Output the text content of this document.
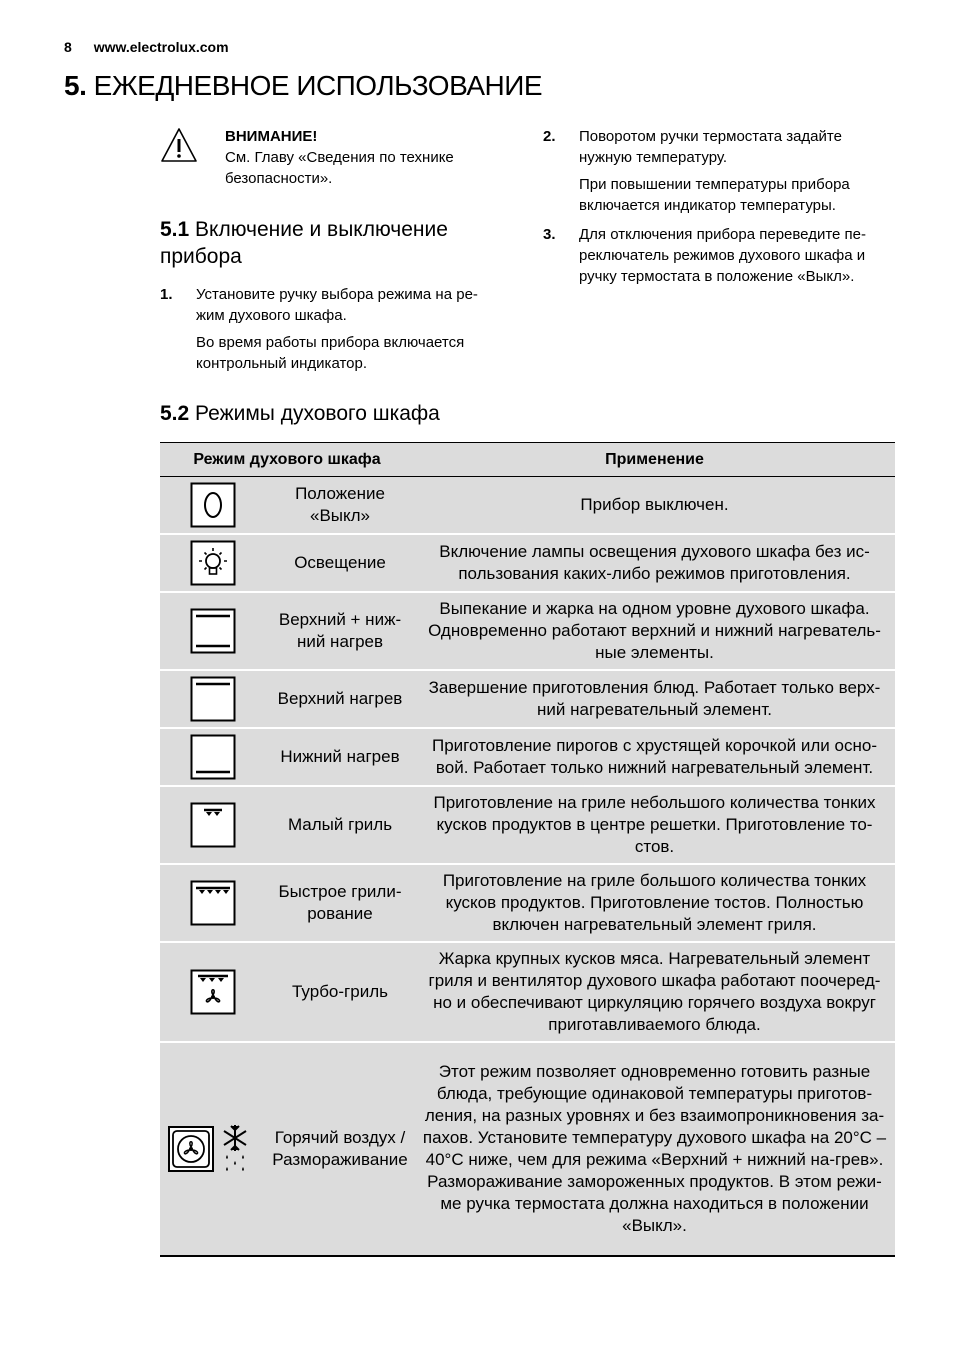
8 www.electrolux.com
5. ЕЖЕДНЕВНОЕ ИСПОЛЬЗОВАНИЕ
ВНИМАНИЕ!
См. Главу «Сведения по технике безопасности».
5.1 Включение и выключение прибора
1. Установите ручку выбора режима на ре-жим духового шкафа.

Во время работы прибора включается контрольный индикатор.

2. Поворотом ручки термостата задайте нужную температуру.

При повышении температуры прибора включается индикатор температуры.

3. Для отключения прибора переведите пе-реключатель режимов духового шкафа и ручку термостата в положение «Выкл».

5.2 Режимы духового шкафа
Режим духового шкафа		Применение

	Положение «Выкл»	Прибор выключен.

	Освещение	Включение лампы освещения духового шкафа без ис-пользования каких-либо режимов приготовления.

	Верхний + ниж-ний нагрев	Выпекание и жарка на одном уровне духового шкафа. Одновременно работают верхний и нижний нагреватель-ные элементы.

	Верхний нагрев	Завершение приготовления блюд. Работает только верх-ний нагревательный элемент.

	Нижний нагрев	Приготовление пирогов с хрустящей корочкой или осно-вой. Работает только нижний нагревательный элемент.

	Малый гриль	Приготовление на гриле небольшого количества тонких кусков продуктов в центре решетки. Приготовление то-стов.

	Быстрое грили-рование	Приготовление на гриле большого количества тонких кусков продуктов. Приготовление тостов. Полностью включен нагревательный элемент гриля.

	Турбо-гриль	Жарка крупных кусков мяса. Нагревательный элемент гриля и вентилятор духового шкафа работают поочеред-но и обеспечивают циркуляцию горячего воздуха вокруг приготавливаемого блюда.

	Горячий воздух / Размораживание	Этот режим позволяет одновременно готовить разные блюда, требующие одинаковой температуры приготов-ления, на разных уровнях и без взаимопроникновения за-пахов. Установите температуру духового шкафа на 20°C – 40°C ниже, чем для режима «Верхний + нижний на-грев».
Размораживание замороженных продуктов. В этом режи-ме ручка термостата должна находиться в положении «Выкл».
